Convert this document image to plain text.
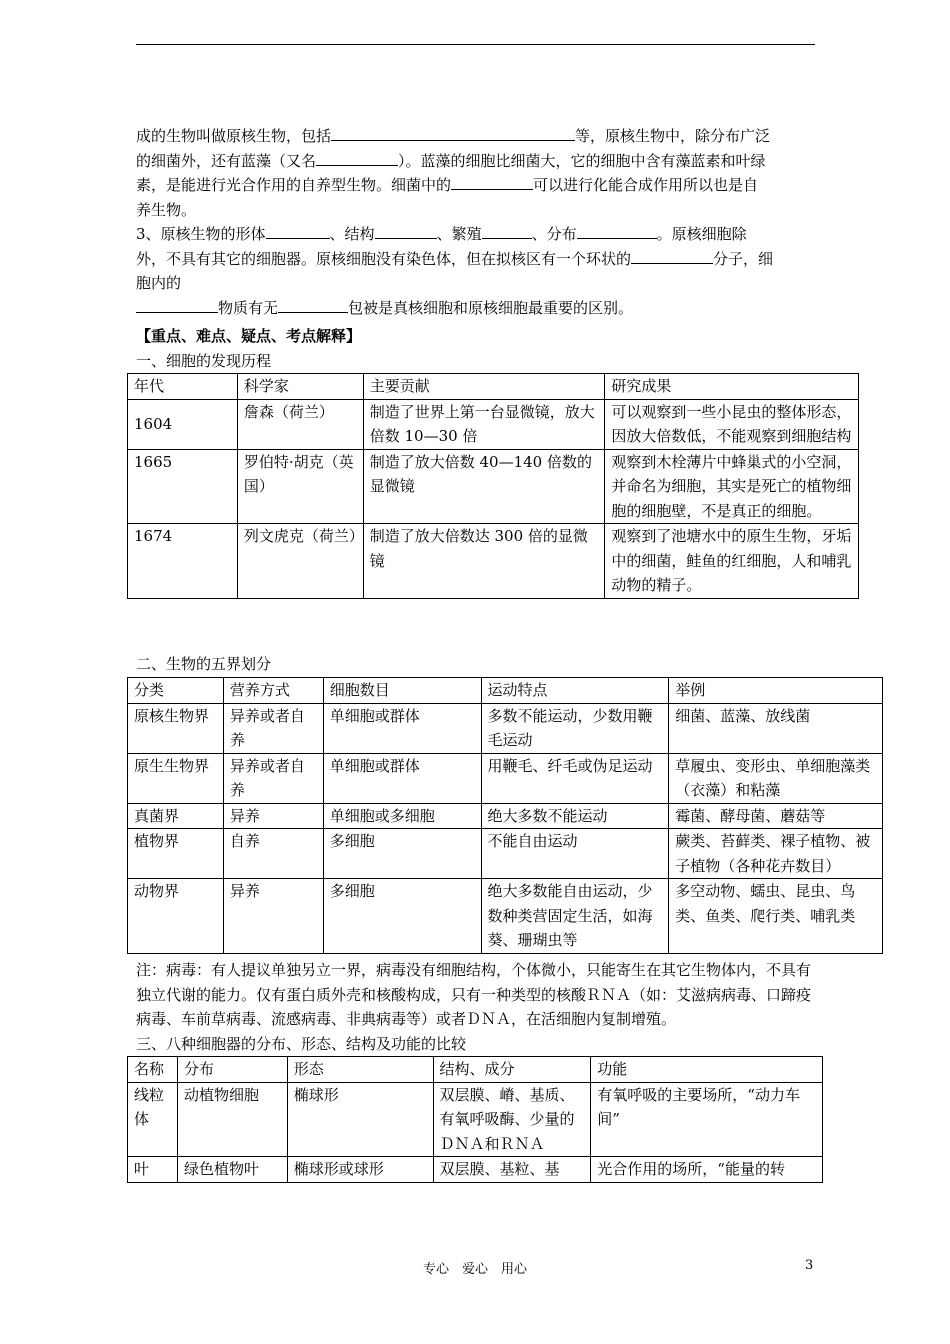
成的生物叫做原核生物，包括	等，原核生物中，除分布广泛
的细菌外，还有蓝藻（又名	）。蓝藻的细胞比细菌大，它的细胞中含有藻蓝素和叶绿
素，是能进行光合作用的自养型生物。细菌中的	可以进行化能合成作用所以也是自
养生物。
3、原核生物的形体	、结构	、繁殖	、分布	。原核细胞除
外，不具有其它的细胞器。原核细胞没有染色体，但在拟核区有一个环状的	分子，细
胞内的
物质有无	包被是真核细胞和原核细胞最重要的区别。
【重点、难点、疑点、考点解释】
一、细胞的发现历程
年代	科学家	主要贡献	研究成果
1604	詹森（荷兰）	制造了世界上第一台显微镜，放大倍数 10—30 倍	可以观察到一些小昆虫的整体形态，因放大倍数低，不能观察到细胞结构
1665	罗伯特·胡克（英国）	制造了放大倍数 40—140 倍数的显微镜	观察到木栓薄片中蜂巢式的小空洞，并命名为细胞，其实是死亡的植物细胞的细胞壁，不是真正的细胞。
1674	列文虎克（荷兰）	制造了放大倍数达 300 倍的显微镜	观察到了池塘水中的原生生物，牙垢中的细菌，鲑鱼的红细胞，人和哺乳动物的精子。
二、生物的五界划分
分类	营养方式	细胞数目	运动特点	举例
原核生物界	异养或者自养	单细胞或群体	多数不能运动，少数用鞭毛运动	细菌、蓝藻、放线菌
原生生物界	异养或者自养	单细胞或群体	用鞭毛、纤毛或伪足运动	草履虫、变形虫、单细胞藻类（衣藻）和粘藻
真菌界	异养	单细胞或多细胞	绝大多数不能运动	霉菌、酵母菌、蘑菇等
植物界	自养	多细胞	不能自由运动	蕨类、苔藓类、裸子植物、被子植物（各种花卉数目）
动物界	异养	多细胞	绝大多数能自由运动，少数种类营固定生活，如海葵、珊瑚虫等	多空动物、蠕虫、昆虫、鸟类、鱼类、爬行类、哺乳类
注：病毒：有人提议单独另立一界，病毒没有细胞结构，个体微小，只能寄生在其它生物体内，不具有独立代谢的能力。仅有蛋白质外壳和核酸构成，只有一种类型的核酸ＲＮＡ（如：艾滋病病毒、口蹄疫病毒、车前草病毒、流感病毒、非典病毒等）或者ＤＮＡ，在活细胞内复制增殖。
三、八种细胞器的分布、形态、结构及功能的比较
名称	分布	形态	结构、成分	功能
线粒体	动植物细胞	椭球形	双层膜、嵴、基质、有氧呼吸酶、少量的ＤＮＡ和ＲＮＡ	有氧呼吸的主要场所，“动力车间”
叶	绿色植物叶	椭球形或球形	双层膜、基粒、基	光合作用的场所，“能量的转
专心　爱心　用心	3
